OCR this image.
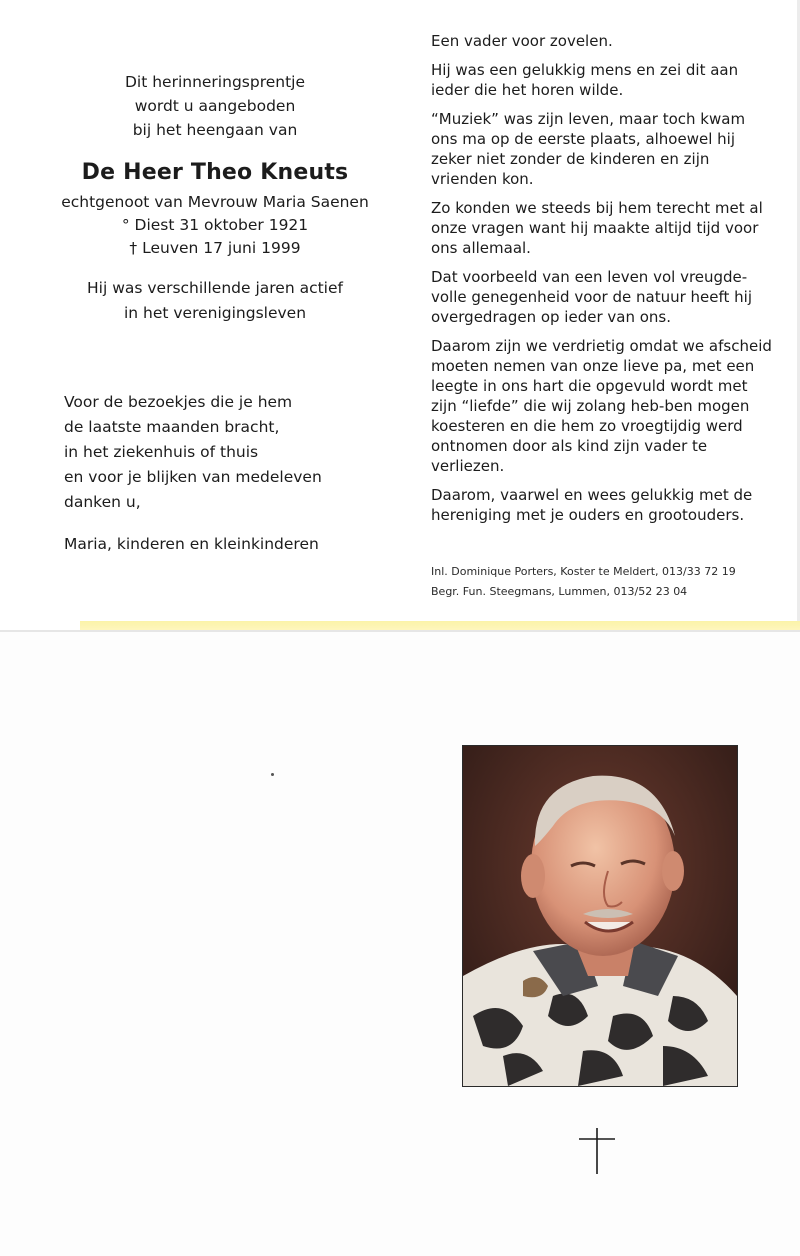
Dit herinneringsprentje

wordt u aangeboden

bij het heengaan van

De Heer Theo Kneuts

echtgenoot van Mevrouw Maria Saenen

° Diest 31 oktober 1921

† Leuven 17 juni 1999

Hij was verschillende jaren actief
in het verenigingsleven
Voor de bezoekjes die je hem
de laatste maanden bracht,
in het ziekenhuis of thuis
en voor je blijken van medeleven
danken u,
Maria, kinderen en kleinkinderen

Een vader voor zovelen.

Hij was een gelukkig mens en zei dit aan ieder die het horen wilde.

“Muziek” was zijn leven, maar toch kwam ons ma op de eerste plaats, alhoewel hij zeker niet zonder de kinderen en zijn vrienden kon.

Zo konden we steeds bij hem terecht met al onze vragen want hij maakte altijd tijd voor ons allemaal.

Dat voorbeeld van een leven vol vreugde-volle genegenheid voor de natuur heeft hij overgedragen op ieder van ons.

Daarom zijn we verdrietig omdat we afscheid moeten nemen van onze lieve pa, met een leegte in ons hart die opgevuld wordt met zijn “liefde” die wij zolang heb-ben mogen koesteren en die hem zo vroegtijdig werd ontnomen door als kind zijn vader te verliezen.

Daarom, vaarwel en wees gelukkig met de hereniging met je ouders en grootouders.

Inl. Dominique Porters, Koster te Meldert, 013/33 72 19
Begr. Fun. Steegmans, Lummen, 013/52 23 04
